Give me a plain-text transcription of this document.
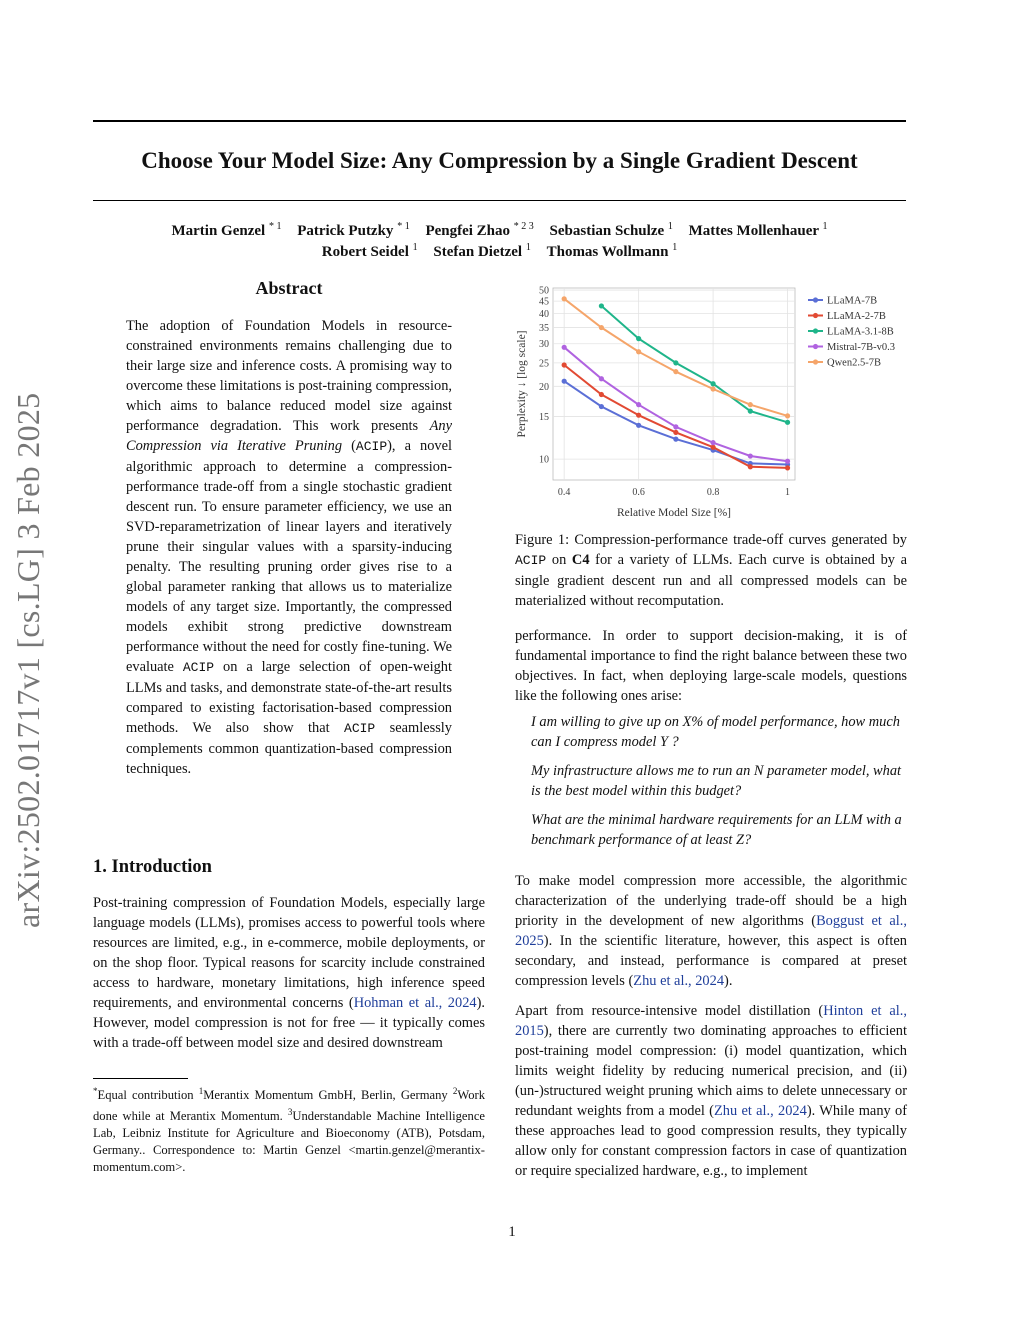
arXiv:2502.01717v1 [cs.LG] 3 Feb 2025
Choose Your Model Size: Any Compression by a Single Gradient Descent
Martin Genzel $^{* 1}$ Patrick Putzky $^{* 1}$ Pengfei Zhao $^{* 2 3}$ Sebastian Schulze $^1$ Mattes Mollenhauer $^1$
Robert Seidel $^1$ Stefan Dietzel $^1$ Thomas Wollmann $^1$
Abstract
The adoption of Foundation Models in resource-constrained environments remains challenging due to their large size and inference costs. A promising way to overcome these limitations is post-training compression, which aims to balance reduced model size against performance degradation. This work presents Any Compression via Iterative Pruning (ACIP), a novel algorithmic approach to determine a compression-performance trade-off from a single stochastic gradient descent run. To ensure parameter efficiency, we use an SVD-reparametrization of linear layers and iteratively prune their singular values with a sparsity-inducing penalty. The resulting pruning order gives rise to a global parameter ranking that allows us to materialize models of any target size. Importantly, the compressed models exhibit strong predictive downstream performance without the need for costly fine-tuning. We evaluate ACIP on a large selection of open-weight LLMs and tasks, and demonstrate state-of-the-art results compared to existing factorisation-based compression methods. We also show that ACIP seamlessly complements common quantization-based compression techniques.
1. Introduction

Post-training compression of Foundation Models, especially large language models (LLMs), promises access to powerful tools where resources are limited, e.g., in e-commerce, mobile deployments, or on the shop floor. Typical reasons for scarcity include constrained access to hardware, monetary limitations, high inference speed requirements, and environmental concerns (Hohman et al., 2024). However, model compression is not for free — it typically comes with a trade-off between model size and desired downstream

*Equal contribution $^1$Merantix Momentum GmbH, Berlin, Germany $^2$Work done while at Merantix Momentum. $^3$Understandable Machine Intelligence Lab, Leibniz Institute for Agriculture and Bioeconomy (ATB), Potsdam, Germany.. Correspondence to: Martin Genzel <martin.genzel@merantix-momentum.com>.
0.4	0.6	0.8	1
10
15
20
25
30
35
40
45
50
Relative Model Size [%]
Perplexity ↓ [log scale]
LLaMA-7B
LLaMA-2-7B
LLaMA-3.1-8B
Mistral-7B-v0.3
Qwen2.5-7B
Figure 1: Compression-performance trade-off curves generated by ACIP on C4 for a variety of LLMs. Each curve is obtained by a single gradient descent run and all compressed models can be materialized without recomputation.

performance. In order to support decision-making, it is of fundamental importance to find the right balance between these two objectives. In fact, when deploying large-scale models, questions like the following ones arise:

I am willing to give up on X% of model performance, how much can I compress model Y ?

My infrastructure allows me to run an N parameter model, what is the best model within this budget?

What are the minimal hardware requirements for an LLM with a benchmark performance of at least Z?

To make model compression more accessible, the algorithmic characterization of the underlying trade-off should be a high priority in the development of new algorithms (Boggust et al., 2025). In the scientific literature, however, this aspect is often secondary, and instead, performance is compared at preset compression levels (Zhu et al., 2024).

Apart from resource-intensive model distillation (Hinton et al., 2015), there are currently two dominating approaches to efficient post-training model compression: (i) model quantization, which limits weight fidelity by reducing numerical precision, and (ii) (un-)structured weight pruning which aims to delete unnecessary or redundant weights from a model (Zhu et al., 2024). While many of these approaches lead to good compression results, they typically allow only for constant compression factors in case of quantization or require specialized hardware, e.g., to implement

1
